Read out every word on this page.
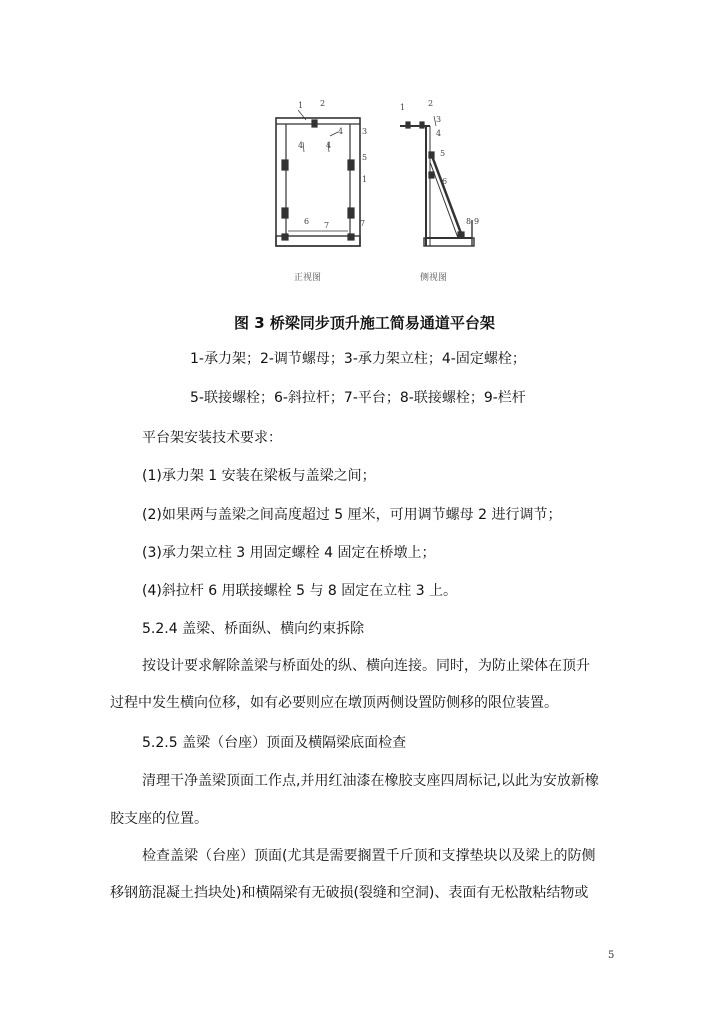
1 2
3
4
4	4
5
1
6 7	7
正视图
1	2
3
4
5
6
8 9
侧视图
图 3 桥梁同步顶升施工简易通道平台架
1-承力架；2-调节螺母；3-承力架立柱；4-固定螺栓；
5-联接螺栓；6-斜拉杆；7-平台；8-联接螺栓；9-栏杆
平台架安装技术要求：
(1)承力架 1 安装在梁板与盖梁之间；
(2)如果两与盖梁之间高度超过 5 厘米，可用调节螺母 2 进行调节；
(3)承力架立柱 3 用固定螺栓 4 固定在桥墩上；
(4)斜拉杆 6 用联接螺栓 5 与 8 固定在立柱 3 上。
5.2.4 盖梁、桥面纵、横向约束拆除
按设计要求解除盖梁与桥面处的纵、横向连接。同时，为防止梁体在顶升
过程中发生横向位移，如有必要则应在墩顶两侧设置防侧移的限位装置。
5.2.5 盖梁（台座）顶面及横隔梁底面检查
清理干净盖梁顶面工作点,并用红油漆在橡胶支座四周标记,以此为安放新橡
胶支座的位置。
检查盖梁（台座）顶面(尤其是需要搁置千斤顶和支撑垫块以及梁上的防侧
移钢筋混凝土挡块处)和横隔梁有无破损(裂缝和空洞)、表面有无松散粘结物或
5
